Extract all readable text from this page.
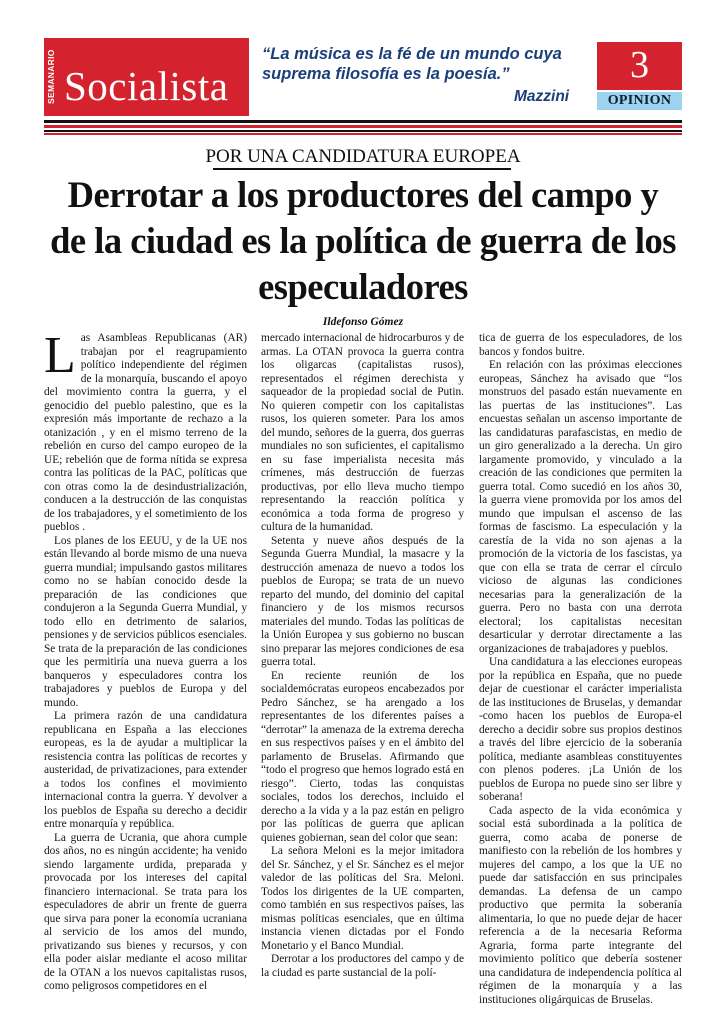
SEMANARIO Socialista
“La música es la fé de un mundo cuya suprema filosofía es la poesía.”
Mazzini
3
OPINION
POR UNA CANDIDATURA EUROPEA
Derrotar a los productores del campo y de la ciudad es la política de guerra de los especuladores
Ildefonso Gómez

Las Asambleas Republicanas (AR) trabajan por el reagrupamiento político independiente del régimen de la monarquía, buscando el apoyo del movimiento contra la guerra, y el genocidio del pueblo palestino, que es la expresión más importante de rechazo a la otanización , y en el mismo terreno de la rebelión en curso del campo europeo de la UE; rebelión que de forma nítida se expresa contra las políticas de la PAC, políticas que con otras como la de desindustrialización, conducen a la destrucción de las conquistas de los trabajadores, y el sometimiento de los pueblos .

Los planes de los EEUU, y de la UE nos están llevando al borde mismo de una nueva guerra mundial; impulsando gastos militares como no se habían conocido desde la preparación de las condiciones que condujeron a la Segunda Guerra Mundial, y todo ello en detrimento de salarios, pensiones y de servicios públicos esenciales. Se trata de la preparación de las condiciones que les permitiría una nueva guerra a los banqueros y especuladores contra los trabajadores y pueblos de Europa y del mundo.

La primera razón de una candidatura republicana en España a las elecciones europeas, es la de ayudar a multiplicar la resistencia contra las políticas de recortes y austeridad, de privatizaciones, para extender a todos los confines el movimiento internacional contra la guerra. Y devolver a los pueblos de España su derecho a decidir entre monarquía y república.

La guerra de Ucrania, que ahora cumple dos años, no es ningún accidente; ha venido siendo largamente urdida, preparada y provocada por los intereses del capital financiero internacional. Se trata para los especuladores de abrir un frente de guerra que sirva para poner la economía ucraniana al servicio de los amos del mundo, privatizando sus bienes y recursos, y con ella poder aislar mediante el acoso militar de la OTAN a los nuevos capitalistas rusos, como peligrosos competidores en el

mercado internacional de hidrocarburos y de armas. La OTAN provoca la guerra contra los oligarcas (capitalistas rusos), representados el régimen derechista y saqueador de la propiedad social de Putin. No quieren competir con los capitalistas rusos, los quieren someter. Para los amos del mundo, señores de la guerra, dos guerras mundiales no son suficientes, el capitalismo en su fase imperialista necesita más crímenes, más destrucción de fuerzas productivas, por ello lleva mucho tiempo representando la reacción política y económica a toda forma de progreso y cultura de la humanidad.

Setenta y nueve años después de la Segunda Guerra Mundial, la masacre y la destrucción amenaza de nuevo a todos los pueblos de Europa; se trata de un nuevo reparto del mundo, del dominio del capital financiero y de los mismos recursos materiales del mundo. Todas las políticas de la Unión Europea y sus gobierno no buscan sino preparar las mejores condiciones de esa guerra total.

En reciente reunión de los socialdemócratas europeos encabezados por Pedro Sánchez, se ha arengado a los representantes de los diferentes países a “derrotar” la amenaza de la extrema derecha en sus respectivos países y en el ámbito del parlamento de Bruselas. Afirmando que “todo el progreso que hemos logrado está en riesgo”. Cierto, todas las conquistas sociales, todos los derechos, incluido el derecho a la vida y a la paz están en peligro por las políticas de guerra que aplican quienes gobiernan, sean del color que sean:

La señora Meloni es la mejor imitadora del Sr. Sánchez, y el Sr. Sánchez es el mejor valedor de las políticas del Sra. Meloni. Todos los dirigentes de la UE comparten, como también en sus respectivos países, las mismas políticas esenciales, que en última instancia vienen dictadas por el Fondo Monetario y el Banco Mundial.

Derrotar a los productores del campo y de la ciudad es parte sustancial de la polí-

tica de guerra de los especuladores, de los bancos y fondos buitre.

En relación con las próximas elecciones europeas, Sánchez ha avisado que “los monstruos del pasado están nuevamente en las puertas de las instituciones”. Las encuestas señalan un ascenso importante de las candidaturas parafascistas, en medio de un giro generalizado a la derecha. Un giro largamente promovido, y vinculado a la creación de las condiciones que permiten la guerra total. Como sucedió en los años 30, la guerra viene promovida por los amos del mundo que impulsan el ascenso de las formas de fascismo. La especulación y la carestía de la vida no son ajenas a la promoción de la victoria de los fascistas, ya que con ella se trata de cerrar el círculo vicioso de algunas las condiciones necesarias para la generalización de la guerra. Pero no basta con una derrota electoral; los capitalistas necesitan desarticular y derrotar directamente a las organizaciones de trabajadores y pueblos.

Una candidatura a las elecciones europeas por la república en España, que no puede dejar de cuestionar el carácter imperialista de las instituciones de Bruselas, y demandar -como hacen los pueblos de Europa-el derecho a decidir sobre sus propios destinos a través del libre ejercicio de la soberanía política, mediante asambleas constituyentes con plenos poderes. ¡La Unión de los pueblos de Europa no puede sino ser libre y soberana!

Cada aspecto de la vida económica y social está subordinada a la política de guerra, como acaba de ponerse de manifiesto con la rebelión de los hombres y mujeres del campo, a los que la UE no puede dar satisfacción en sus principales demandas. La defensa de un campo productivo que permita la soberanía alimentaria, lo que no puede dejar de hacer referencia a de la necesaria Reforma Agraria, forma parte integrante del movimiento político que debería sostener una candidatura de independencia política al régimen de la monarquía y a las instituciones oligárquicas de Bruselas.
